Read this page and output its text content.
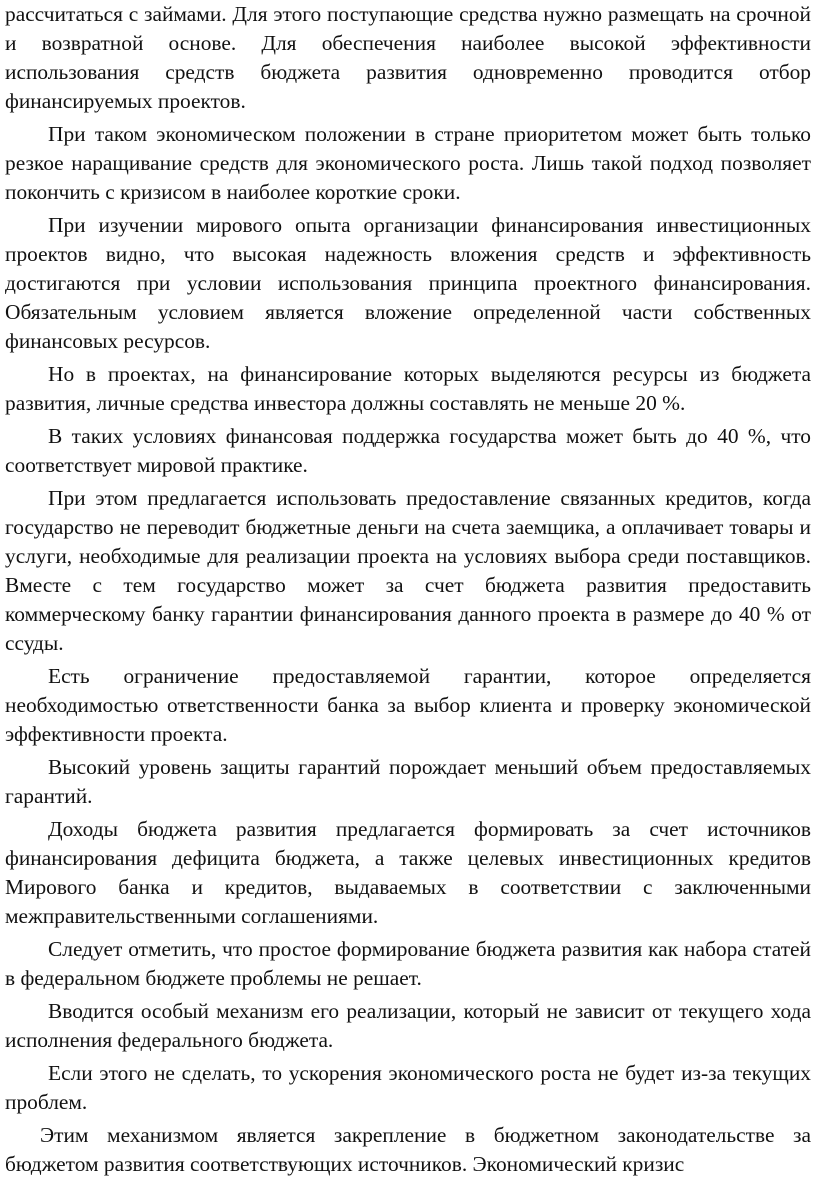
рассчитаться с займами. Для этого поступающие средства нужно размещать на срочной и возвратной основе. Для обеспечения наиболее высокой эффективности использования средств бюджета развития одновременно проводится отбор финансируемых проектов.

При таком экономическом положении в стране приоритетом может быть только резкое наращивание средств для экономического роста. Лишь такой подход позволяет покончить с кризисом в наиболее короткие сроки.

При изучении мирового опыта организации финансирования инвестиционных проектов видно, что высокая надежность вложения средств и эффективность достигаются при условии использования принципа проектного финансирования. Обязательным условием является вложение определенной части собственных финансовых ресурсов.

Но в проектах, на финансирование которых выделяются ресурсы из бюджета развития, личные средства инвестора должны составлять не меньше 20 %.

В таких условиях финансовая поддержка государства может быть до 40 %, что соответствует мировой практике.

При этом предлагается использовать предоставление связанных кредитов, когда государство не переводит бюджетные деньги на счета заемщика, а оплачивает товары и услуги, необходимые для реализации проекта на условиях выбора среди поставщиков. Вместе с тем государство может за счет бюджета развития предоставить коммерческому банку гарантии финансирования данного проекта в размере до 40 % от ссуды.

Есть ограничение предоставляемой гарантии, которое определяется необходимостью ответственности банка за выбор клиента и проверку экономической эффективности проекта.

Высокий уровень защиты гарантий порождает меньший объем предоставляемых гарантий.

Доходы бюджета развития предлагается формировать за счет источников финансирования дефицита бюджета, а также целевых инвестиционных кредитов Мирового банка и кредитов, выдаваемых в соответствии с заключенными межправительственными соглашениями.

Следует отметить, что простое формирование бюджета развития как набора статей в федеральном бюджете проблемы не решает.

Вводится особый механизм его реализации, который не зависит от текущего хода исполнения федерального бюджета.

Если этого не сделать, то ускорения экономического роста не будет из-за текущих проблем.

Этим механизмом является закрепление в бюджетном законодательстве за бюджетом развития соответствующих источников. Экономический кризис
